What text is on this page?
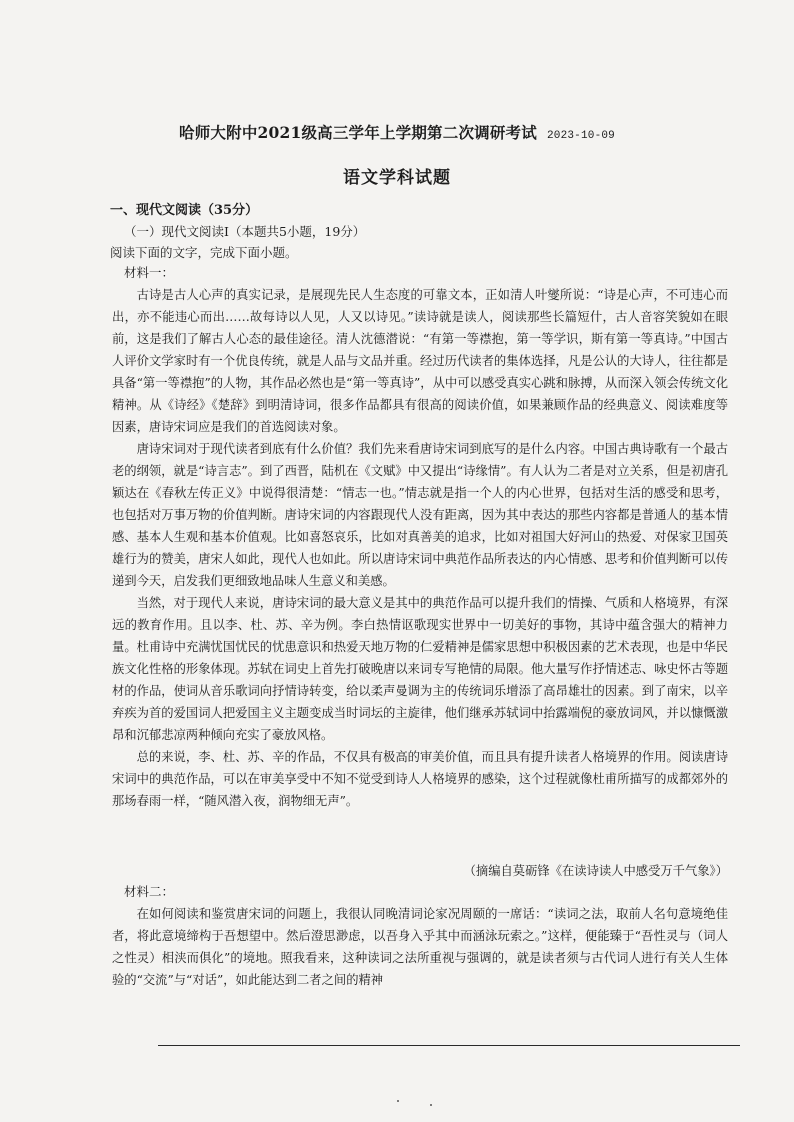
哈师大附中2021级高三学年上学期第二次调研考试 2023-10-09
语文学科试题
一、现代文阅读（35分）
（一）现代文阅读Ⅰ（本题共5小题，19分）
阅读下面的文字，完成下面小题。
材料一：

古诗是古人心声的真实记录，是展现先民人生态度的可靠文本，正如清人叶燮所说：“诗是心声，不可违心而出，亦不能违心而出……故每诗以人见，人又以诗见。”读诗就是读人，阅读那些长篇短什，古人音容笑貌如在眼前，这是我们了解古人心态的最佳途径。清人沈德潜说：“有第一等襟抱，第一等学识，斯有第一等真诗。”中国古人评价文学家时有一个优良传统，就是人品与文品并重。经过历代读者的集体选择，凡是公认的大诗人，往往都是具备“第一等襟抱”的人物，其作品必然也是“第一等真诗”，从中可以感受真实心跳和脉搏，从而深入领会传统文化精神。从《诗经》《楚辞》到明清诗词，很多作品都具有很高的阅读价值，如果兼顾作品的经典意义、阅读难度等因素，唐诗宋词应是我们的首选阅读对象。

唐诗宋词对于现代读者到底有什么价值？我们先来看唐诗宋词到底写的是什么内容。中国古典诗歌有一个最古老的纲领，就是“诗言志”。到了西晋，陆机在《文赋》中又提出“诗缘情”。有人认为二者是对立关系，但是初唐孔颖达在《春秋左传正义》中说得很清楚：“情志一也。”情志就是指一个人的内心世界，包括对生活的感受和思考，也包括对万事万物的价值判断。唐诗宋词的内容跟现代人没有距离，因为其中表达的那些内容都是普通人的基本情感、基本人生观和基本价值观。比如喜怒哀乐，比如对真善美的追求，比如对祖国大好河山的热爱、对保家卫国英雄行为的赞美，唐宋人如此，现代人也如此。所以唐诗宋词中典范作品所表达的内心情感、思考和价值判断可以传递到今天，启发我们更细致地品味人生意义和美感。

当然，对于现代人来说，唐诗宋词的最大意义是其中的典范作品可以提升我们的情操、气质和人格境界，有深远的教育作用。且以李、杜、苏、辛为例。李白热情讴歌现实世界中一切美好的事物，其诗中蕴含强大的精神力量。杜甫诗中充满忧国忧民的忧患意识和热爱天地万物的仁爱精神是儒家思想中积极因素的艺术表现，也是中华民族文化性格的形象体现。苏轼在词史上首先打破晚唐以来词专写艳情的局限。他大量写作抒情述志、咏史怀古等题材的作品，使词从音乐歌词向抒情诗转变，给以柔声曼调为主的传统词乐增添了高昂雄壮的因素。到了南宋，以辛弃疾为首的爱国词人把爱国主义主题变成当时词坛的主旋律，他们继承苏轼词中抬露端倪的豪放词风，并以慷慨激昂和沉郁悲凉两种倾向充实了豪放风格。

总的来说，李、杜、苏、辛的作品，不仅具有极高的审美价值，而且具有提升读者人格境界的作用。阅读唐诗宋词中的典范作品，可以在审美享受中不知不觉受到诗人人格境界的感染，这个过程就像杜甫所描写的成都郊外的那场春雨一样，“随风潜入夜，润物细无声”。

（摘编自莫砺锋《在读诗读人中感受万千气象》）
材料二：

在如何阅读和鉴赏唐宋词的问题上，我很认同晚清词论家况周颐的一席话：“读词之法，取前人名句意境绝佳者，将此意境缔构于吾想望中。然后澄思渺虑，以吾身入乎其中而涵泳玩索之。”这样，便能臻于“吾性灵与（词人之性灵）相浃而俱化”的境地。照我看来，这种读词之法所重视与强调的，就是读者须与古代词人进行有关人生体验的“交流”与“对话”，如此能达到二者之间的精神
